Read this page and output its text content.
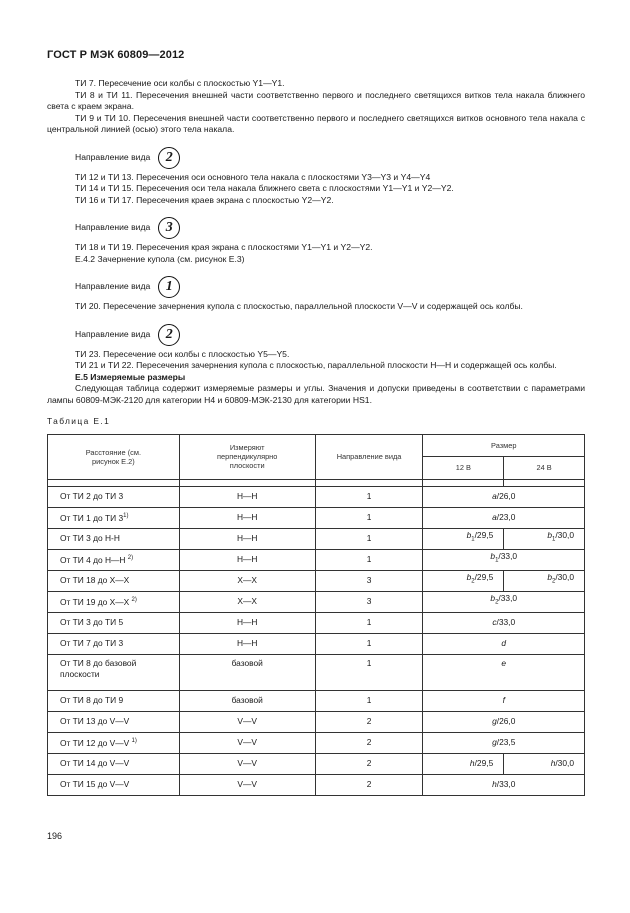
ГОСТ Р МЭК 60809—2012

ТИ 7. Пересечение оси колбы с плоскостью Y1—Y1.

ТИ 8 и ТИ 11. Пересечения внешней части соответственно первого и последнего светящихся витков тела накала ближнего света с краем экрана.

ТИ 9 и ТИ 10. Пересечения внешней части соответственно первого и последнего светящихся витков основного тела накала с центральной линией (осью) этого тела накала.

Направление вида	2

ТИ 12 и ТИ 13. Пересечения оси основного тела накала с плоскостями Y3—Y3 и Y4—Y4

ТИ 14 и ТИ 15. Пересечения оси тела накала ближнего света с плоскостями Y1—Y1 и Y2—Y2.

ТИ 16 и ТИ 17. Пересечения краев экрана с плоскостью Y2—Y2.

Направление вида	3

ТИ 18 и ТИ 19. Пересечения края экрана с плоскостями Y1—Y1 и Y2—Y2.

Е.4.2 Зачернение купола (см. рисунок Е.3)

Направление вида	1

ТИ 20. Пересечение зачернения купола с плоскостью, параллельной плоскости V—V и содержащей ось колбы.

Направление вида	2

ТИ 23. Пересечение оси колбы с плоскостью Y5—Y5.

ТИ 21 и ТИ 22. Пересечения зачернения купола с плоскостью, параллельной плоскости H—H и содержащей ось колбы.

Е.5 Измеряемые размеры

Следующая таблица содержит измеряемые размеры и углы. Значения и допуски приведены в соответствии с параметрами лампы 60809-МЭК-2120 для категории H4 и 60809-МЭК-2130 для категории HS1.

Таблица Е.1

Расстояние (см. рисунок Е.2)	Измеряют перпендикулярно плоскости	Направление вида	Размер	
			12 В	24 В

От ТИ 2 до ТИ 3	H—H	1	a/26,0	
От ТИ 1 до ТИ 3$^{1)}$	H—H	1	a/23,0	
От ТИ 3 до H-H	H—H	1	$b_1/29,5$	$b_1/30,0$
От ТИ 4 до H—H $^{2)}$	H—H	1	$b_1/33,0$	
От ТИ 18 до X—X	X—X	3	$b_2/29,5$	$b_2/30,0$
От ТИ 19 до X—X $^{2)}$	X—X	3	$b_2/33,0$	
От ТИ 3 до ТИ 5	H—H	1	c/33,0	
От ТИ 7 до ТИ 3	H—H	1	d	
От ТИ 8 до базовой плоскости	базовой	1	e	
От ТИ 8 до ТИ 9	базовой	1	f	
От ТИ 13 до V—V	V—V	2	g/26,0	
От ТИ 12 до V—V $^{1)}$	V—V	2	g/23,5	
От ТИ 14 до V—V	V—V	2	h/29,5	h/30,0
От ТИ 15 до V—V	V—V	2	h/33,0	
196
